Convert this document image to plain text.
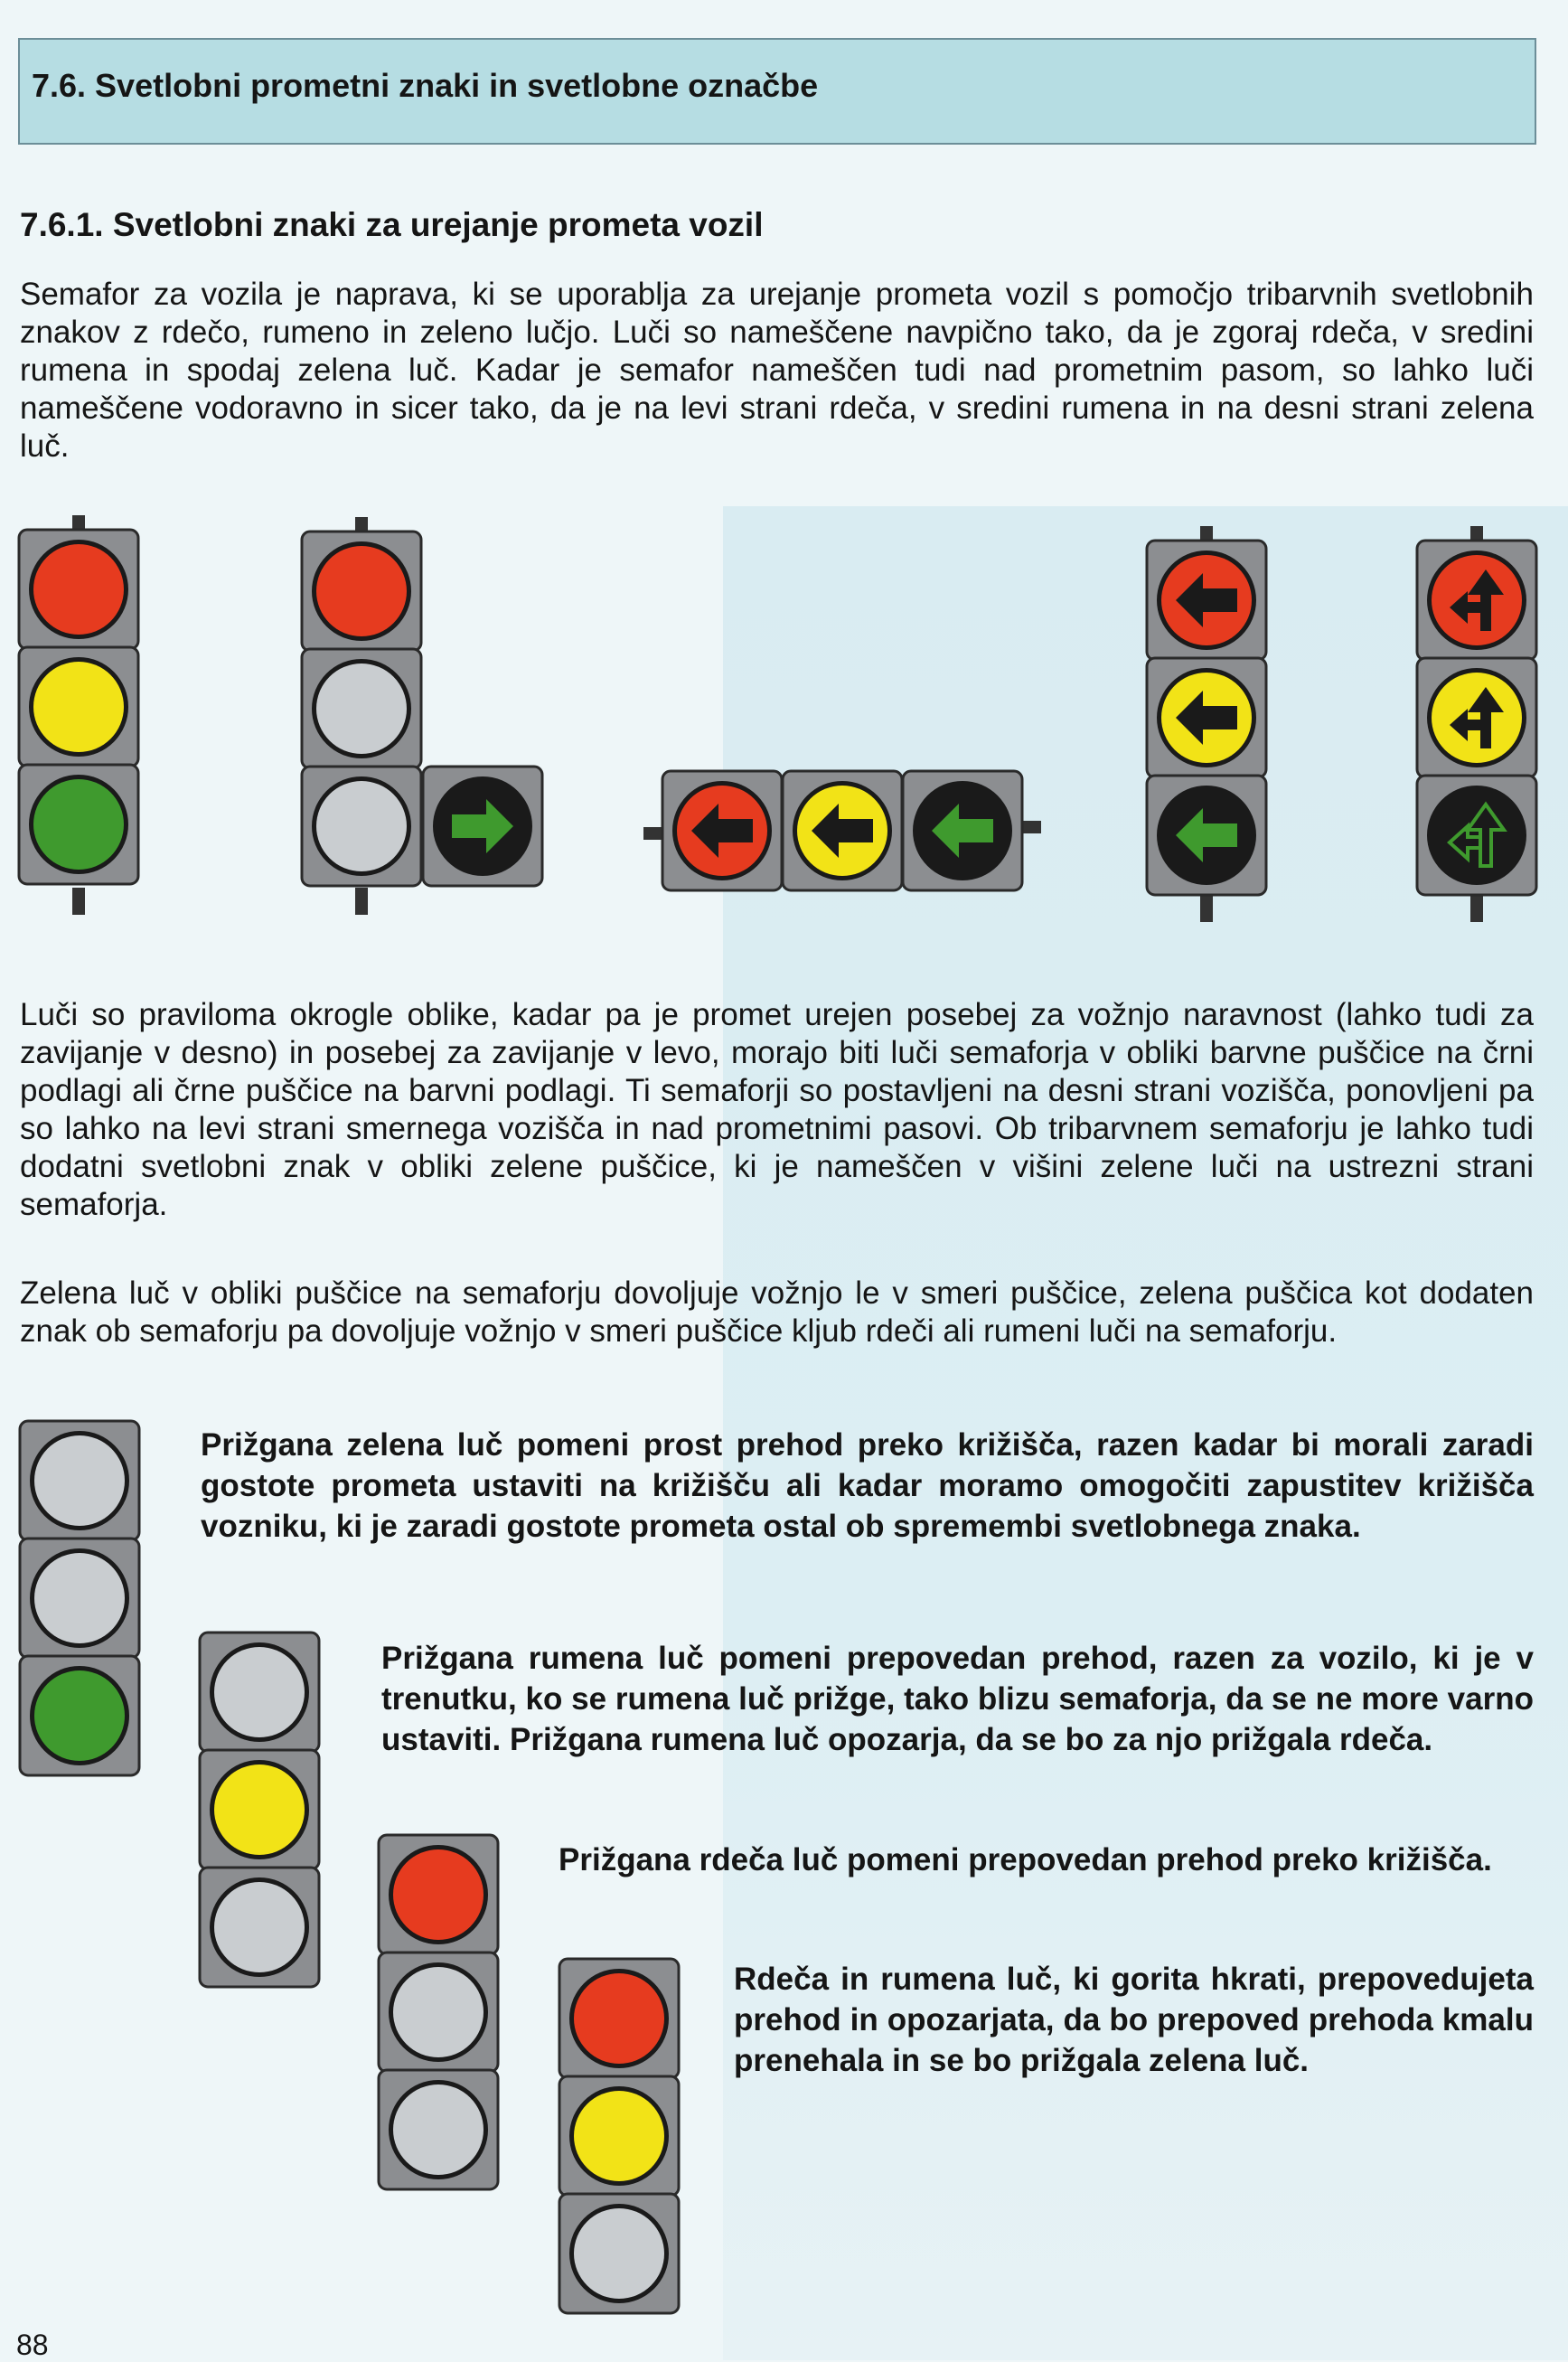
7.6. Svetlobni prometni znaki in svetlobne označbe
7.6.1. Svetlobni znaki za urejanje prometa vozil
Semafor za vozila je naprava, ki se uporablja za urejanje prometa vozil s pomočjo tribarvnih svetlobnih znakov z rdečo, rumeno in zeleno lučjo. Luči so nameščene navpično tako, da je zgoraj rdeča, v sredini rumena in spodaj zelena luč. Kadar je semafor nameščen tudi nad prometnim pasom, so lahko luči nameščene vodoravno in sicer tako, da je na levi strani rdeča, v sredini rumena in na desni strani zelena luč.
Luči so praviloma okrogle oblike, kadar pa je promet urejen posebej za vožnjo naravnost (lahko tudi za zavijanje v desno) in posebej za zavijanje v levo, morajo biti luči semaforja v obliki barvne puščice na črni podlagi ali črne puščice na barvni podlagi. Ti semaforji so postavljeni na desni strani vozišča, ponovljeni pa so lahko na levi strani smernega vozišča in nad prometnimi pasovi. Ob tribarvnem semaforju je lahko tudi dodatni svetlobni znak v obliki zelene puščice, ki je nameščen v višini zelene luči na ustrezni strani semaforja.
Zelena luč v obliki puščice na semaforju dovoljuje vožnjo le v smeri puščice, zelena puščica kot dodaten znak ob semaforju pa dovoljuje vožnjo v smeri puščice kljub rdeči ali rumeni luči na semaforju.
Prižgana zelena luč pomeni prost prehod preko križišča, razen kadar bi morali zaradi gostote prometa ustaviti na križišču ali kadar moramo omogočiti zapustitev križišča vozniku, ki je zaradi gostote prometa ostal ob spremembi svetlobnega znaka.
Prižgana rumena luč pomeni prepovedan prehod, razen za vozilo, ki je v trenutku, ko se rumena luč prižge, tako blizu semaforja, da se ne more varno ustaviti. Prižgana rumena luč opozarja, da se bo za njo prižgala rdeča.
Prižgana rdeča luč pomeni prepovedan prehod preko križišča.
Rdeča in rumena luč, ki gorita hkrati, prepovedujeta prehod in opozarjata, da bo prepoved prehoda kmalu prenehala in se bo prižgala zelena luč.
88
